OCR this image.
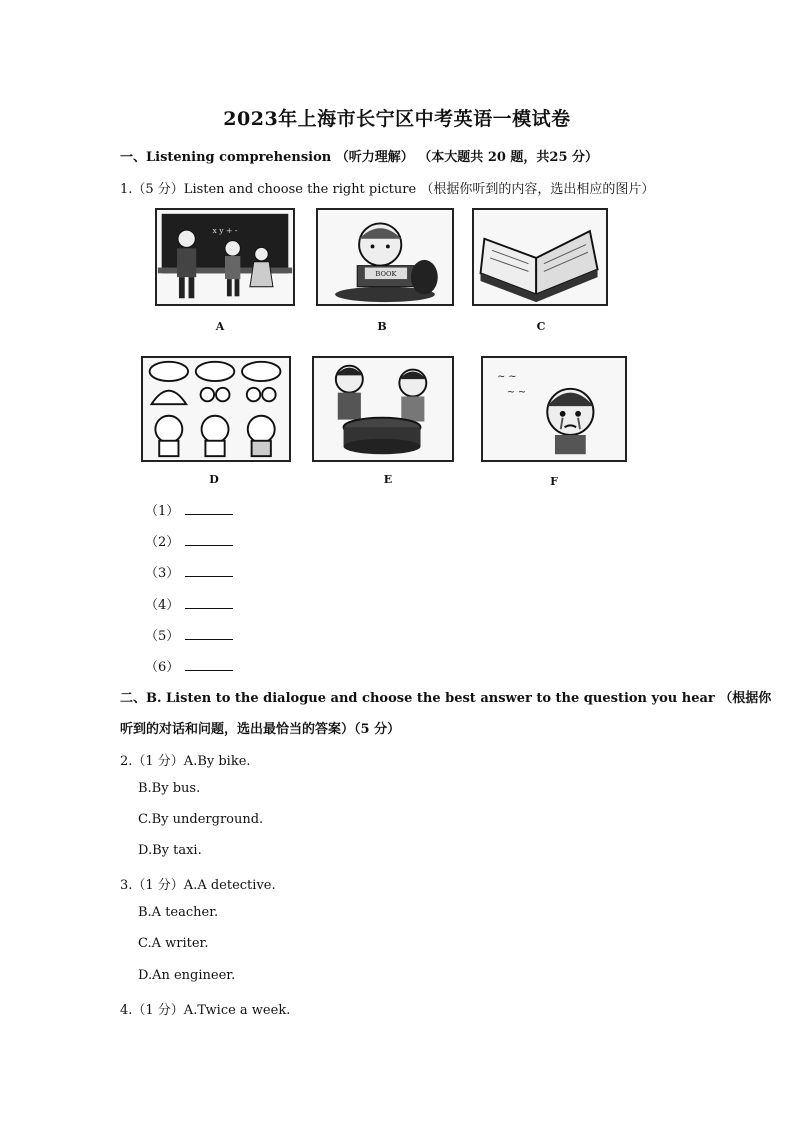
2023年上海市长宁区中考英语一模试卷
一、Listening comprehension （听力理解） （本大题共 20 题，共25 分）
1.（5 分）Listen and choose the right picture （根据你听到的内容，选出相应的图片）
x y + -
A
BOOK
B	C
D	E
~ ~
~ ~
F
（1）
（2）
（3）
（4）
（5）
（6）
二、B. Listen to the dialogue and choose the best answer to the question you hear （根据你
听到的对话和问题，选出最恰当的答案）（5 分）
2.（1 分）A.By bike.
B.By bus.
C.By underground.
D.By taxi.
3.（1 分）A.A detective.
B.A teacher.
C.A writer.
D.An engineer.
4.（1 分）A.Twice a week.
